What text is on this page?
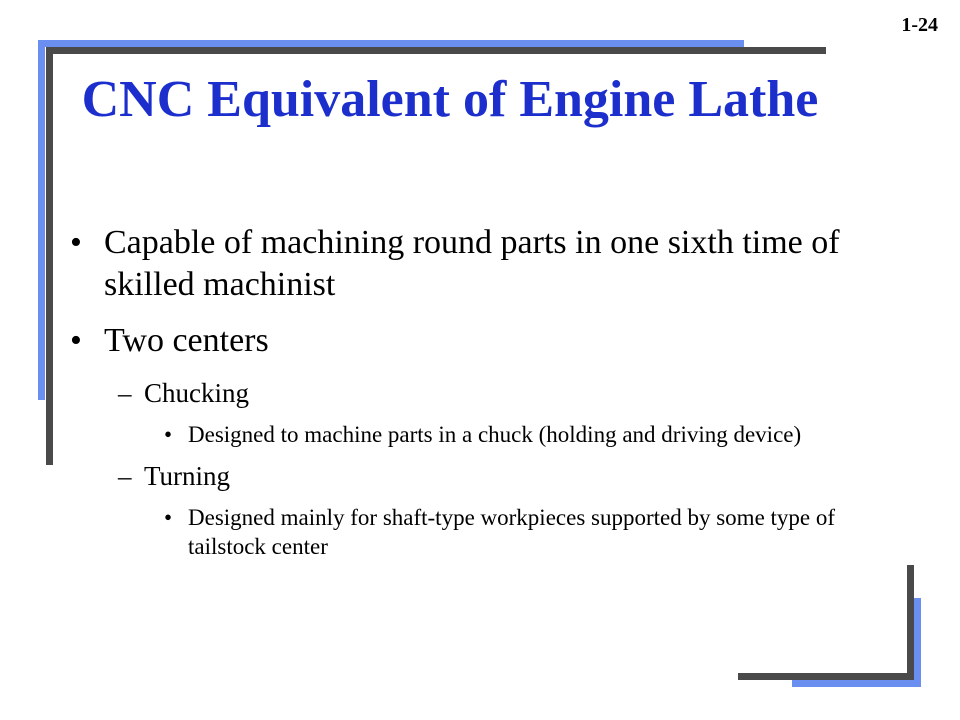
1-24
CNC Equivalent of Engine Lathe
• Capable of machining round parts in one sixth time of skilled machinist
• Two centers
– Chucking
• Designed to machine parts in a chuck (holding and driving device)
– Turning
• Designed mainly for shaft-type workpieces supported by some type of tailstock center
